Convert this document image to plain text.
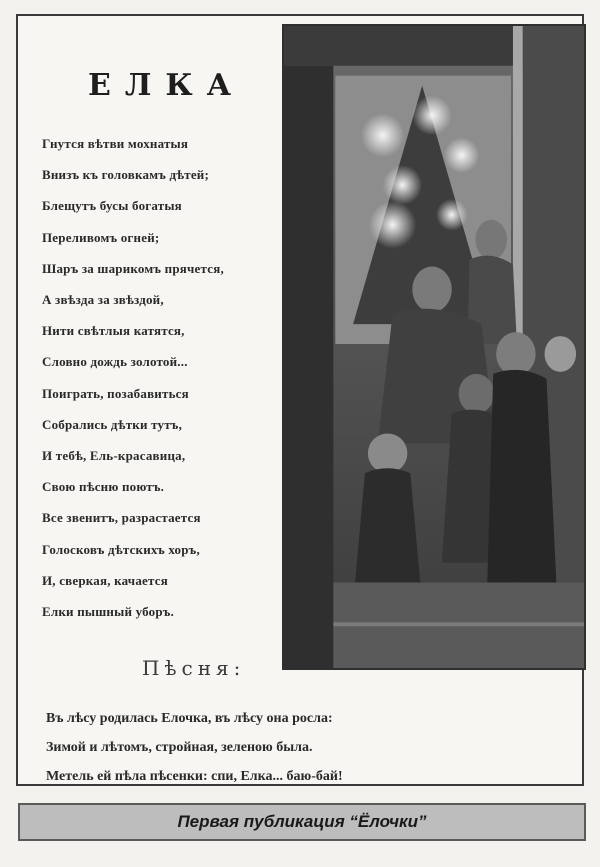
ЕЛКА
Гнутся вѣтви мохнатыя
Внизъ къ головкамъ дѣтей;
Блещутъ бусы богатыя
Переливомъ огней;
Шаръ за шарикомъ прячется,
А звѣзда за звѣздой,
Нити свѣтлыя катятся,
Словно дождь золотой...
Поиграть, позабавиться
Собрались дѣтки тутъ,
И тебѣ, Ель-красавица,
Свою пѣсню поютъ.
Все звенитъ, разрастается
Голосковъ дѣтскихъ хоръ,
И, сверкая, качается
Елки пышный уборъ.
Пѣсня:
Въ лѣсу родилась Елочка, въ лѣсу она росла:
Зимой и лѣтомъ, стройная, зеленою была.
Метель ей пѣла пѣсенки: спи, Елка... баю-бай!
Первая публикация “Ёлочки”
